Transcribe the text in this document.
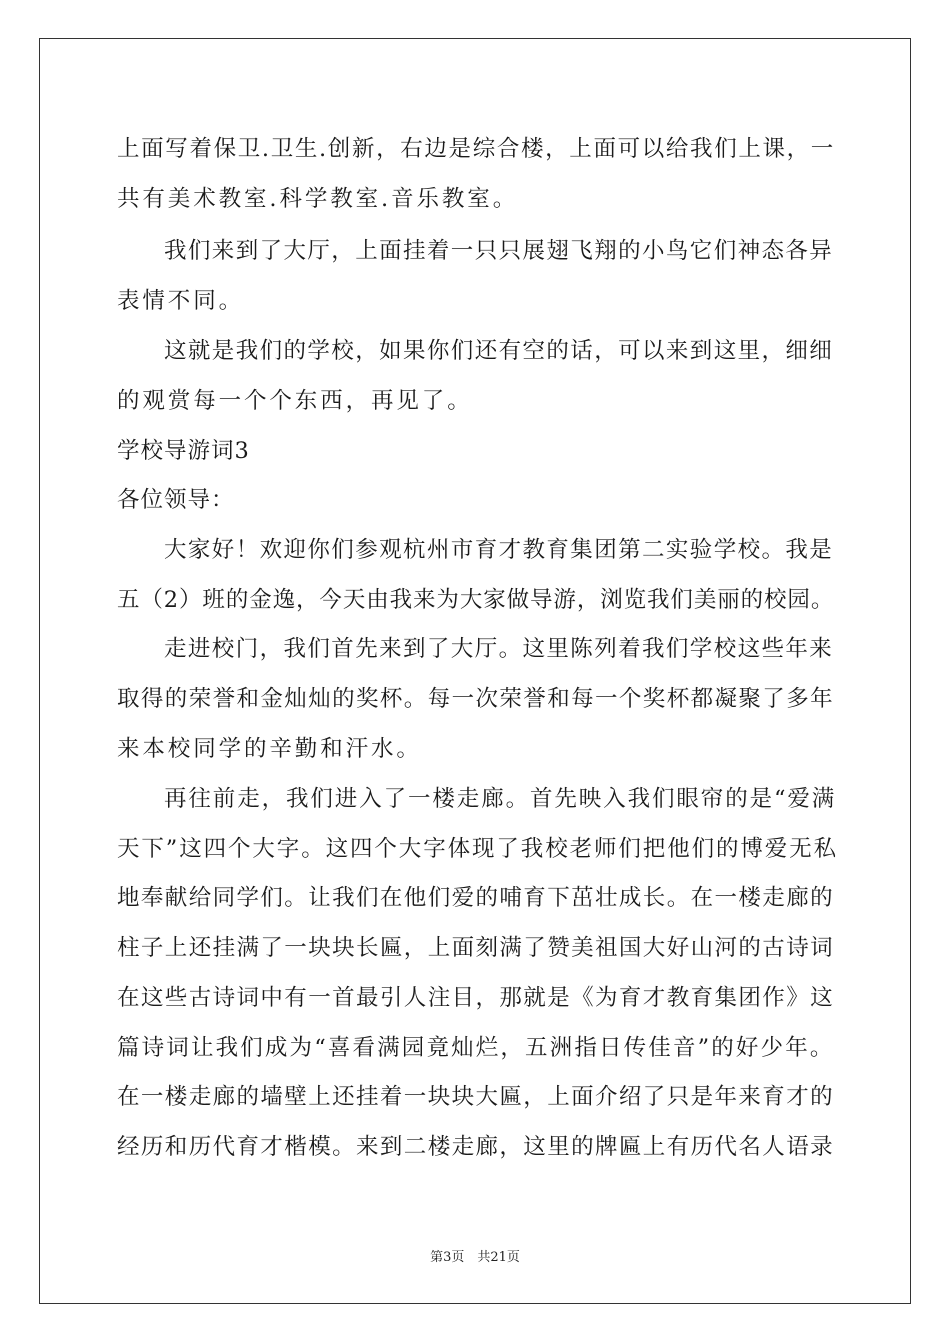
上面写着保卫.卫生.创新，右边是综合楼，上面可以给我们上课，一
共有美术教室.科学教室.音乐教室。
我们来到了大厅，上面挂着一只只展翅飞翔的小鸟它们神态各异
表情不同。
这就是我们的学校，如果你们还有空的话，可以来到这里，细细
的观赏每一个个东西，再见了。
学校导游词3
各位领导：
大家好！欢迎你们参观杭州市育才教育集团第二实验学校。我是
五（2）班的金逸，今天由我来为大家做导游，浏览我们美丽的校园。
走进校门，我们首先来到了大厅。这里陈列着我们学校这些年来
取得的荣誉和金灿灿的奖杯。每一次荣誉和每一个奖杯都凝聚了多年
来本校同学的辛勤和汗水。
再往前走，我们进入了一楼走廊。首先映入我们眼帘的是“爱满
天下”这四个大字。这四个大字体现了我校老师们把他们的博爱无私
地奉献给同学们。让我们在他们爱的哺育下茁壮成长。在一楼走廊的
柱子上还挂满了一块块长匾，上面刻满了赞美祖国大好山河的古诗词
在这些古诗词中有一首最引人注目，那就是《为育才教育集团作》这
篇诗词让我们成为“喜看满园竟灿烂，五洲指日传佳音”的好少年。
在一楼走廊的墙壁上还挂着一块块大匾，上面介绍了只是年来育才的
经历和历代育才楷模。来到二楼走廊，这里的牌匾上有历代名人语录
第3页　共21页
